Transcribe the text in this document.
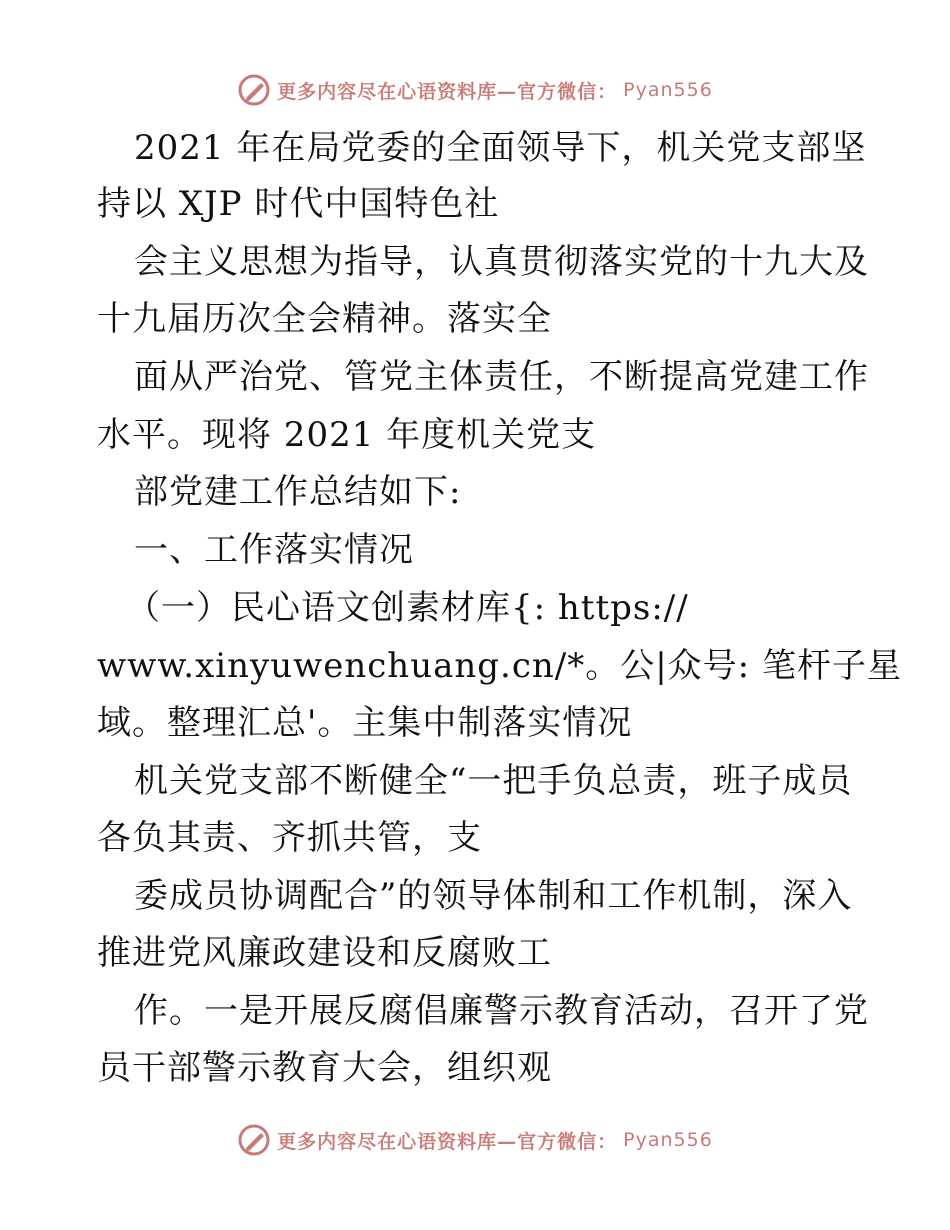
更多内容尽在心语资料库—官方微信： Pyan556
2021 年在局党委的全面领导下，机关党支部坚
持以 XJP 时代中国特色社
会主义思想为指导，认真贯彻落实党的十九大及
十九届历次全会精神。落实全
面从严治党、管党主体责任，不断提高党建工作
水平。现将 2021 年度机关党支
部党建工作总结如下:
一、工作落实情况
（一）民心语文创素材库{: https://
www.xinyuwenchuang.cn/*。公|众号: 笔杆子星
域。整理汇总'。主集中制落实情况
机关党支部不断健全“一把手负总责，班子成员
各负其责、齐抓共管，支
委成员协调配合”的领导体制和工作机制，深入
推进党风廉政建设和反腐败工
作。一是开展反腐倡廉警示教育活动，召开了党
员干部警示教育大会，组织观
更多内容尽在心语资料库—官方微信： Pyan556
